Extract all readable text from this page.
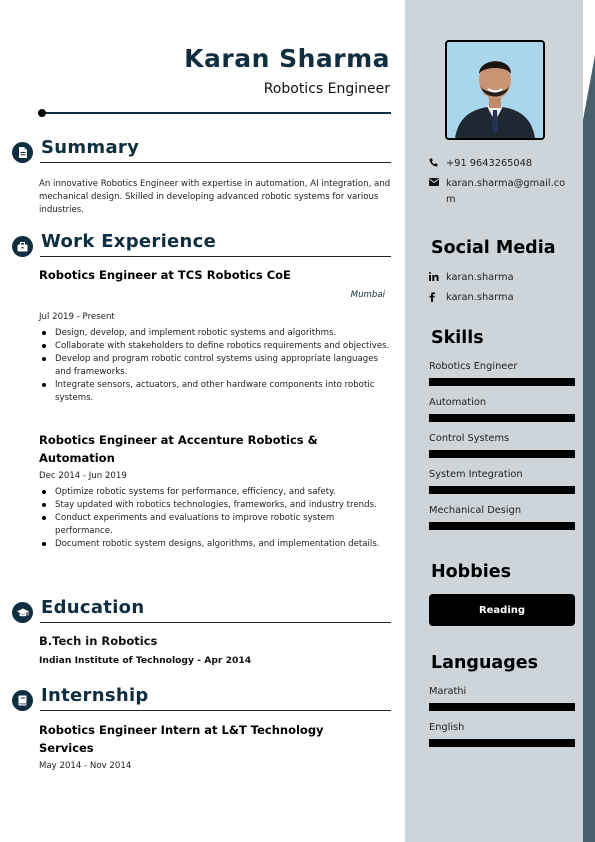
Karan Sharma
Robotics Engineer
Summary
An innovative Robotics Engineer with expertise in automation, AI integration, and mechanical design. Skilled in developing advanced robotic systems for various industries.
Work Experience
Robotics Engineer at TCS Robotics CoE
Mumbai
Jul 2019 - Present
Design, develop, and implement robotic systems and algorithms.
Collaborate with stakeholders to define robotics requirements and objectives.
Develop and program robotic control systems using appropriate languages and frameworks.
Integrate sensors, actuators, and other hardware components into robotic systems.
Robotics Engineer at Accenture Robotics & Automation
Dec 2014 - Jun 2019
Optimize robotic systems for performance, efficiency, and safety.
Stay updated with robotics technologies, frameworks, and industry trends.
Conduct experiments and evaluations to improve robotic system performance.
Document robotic system designs, algorithms, and implementation details.
Education
B.Tech in Robotics
Indian Institute of Technology - Apr 2014
Internship
Robotics Engineer Intern at L&T Technology Services
May 2014 - Nov 2014
+91 9643265048
karan.sharma@gmail.com
Social Media
karan.sharma
karan.sharma
Skills
Robotics Engineer
Automation
Control Systems
System Integration
Mechanical Design
Hobbies
Reading
Languages
Marathi
English
